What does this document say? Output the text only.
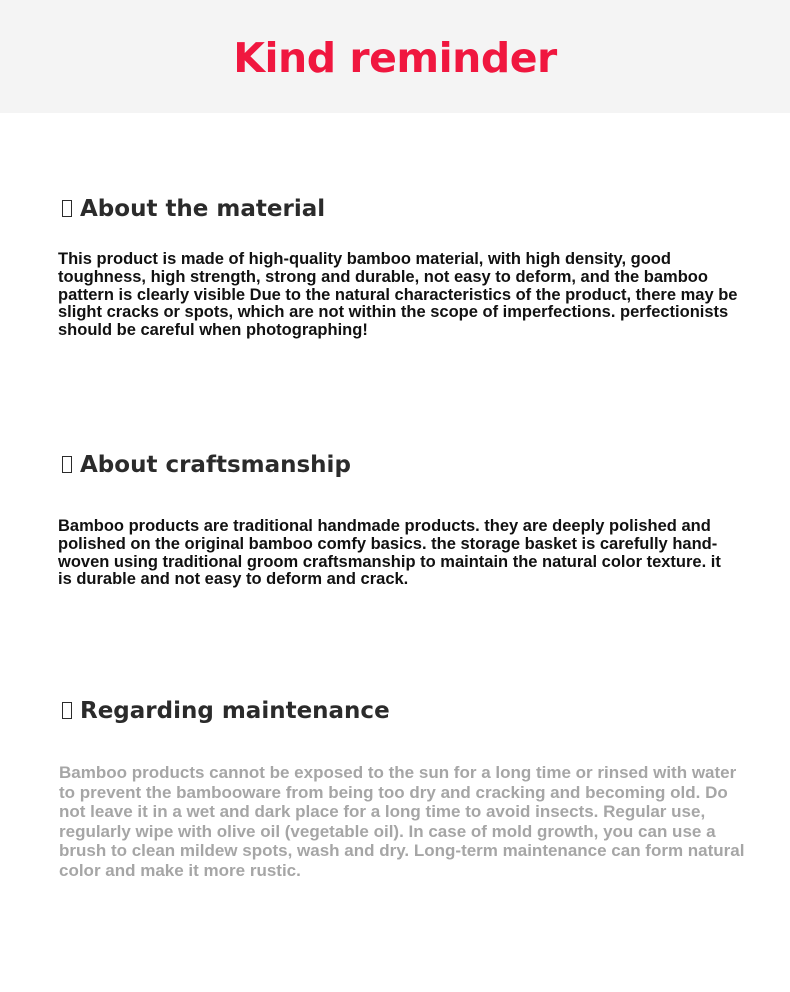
Kind reminder
About the material

This product is made of high-quality bamboo material, with high density, good toughness, high strength, strong and durable, not easy to deform, and the bamboo pattern is clearly visible Due to the natural characteristics of the product, there may be slight cracks or spots, which are not within the scope of imperfections. perfectionists should be careful when photographing!

About craftsmanship

Bamboo products are traditional handmade products. they are deeply polished and polished on the original bamboo comfy basics. the storage basket is carefully hand-woven using traditional groom craftsmanship to maintain the natural color texture. it is durable and not easy to deform and crack.

Regarding maintenance

Bamboo products cannot be exposed to the sun for a long time or rinsed with water to prevent the bambooware from being too dry and cracking and becoming old. Do not leave it in a wet and dark place for a long time to avoid insects. Regular use, regularly wipe with olive oil (vegetable oil). In case of mold growth, you can use a brush to clean mildew spots, wash and dry. Long-term maintenance can form natural color and make it more rustic.
